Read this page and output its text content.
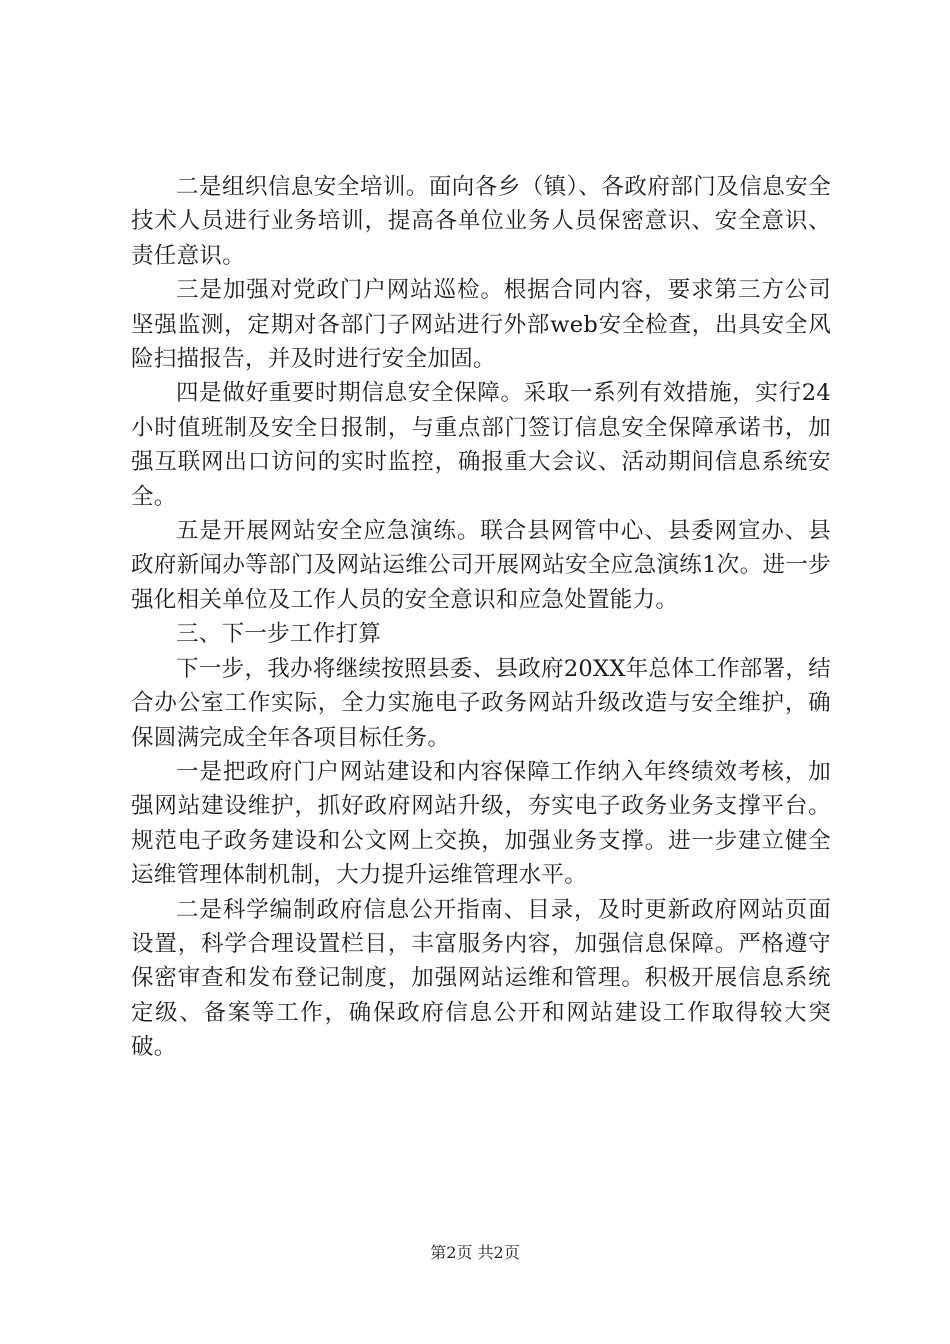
二是组织信息安全培训。面向各乡（镇）、各政府部门及信息安全技术人员进行业务培训，提高各单位业务人员保密意识、安全意识、责任意识。

三是加强对党政门户网站巡检。根据合同内容，要求第三方公司坚强监测，定期对各部门子网站进行外部web安全检查，出具安全风险扫描报告，并及时进行安全加固。

四是做好重要时期信息安全保障。采取一系列有效措施，实行24小时值班制及安全日报制，与重点部门签订信息安全保障承诺书，加强互联网出口访问的实时监控，确报重大会议、活动期间信息系统安全。

五是开展网站安全应急演练。联合县网管中心、县委网宣办、县政府新闻办等部门及网站运维公司开展网站安全应急演练1次。进一步强化相关单位及工作人员的安全意识和应急处置能力。

三、下一步工作打算

下一步，我办将继续按照县委、县政府20XX年总体工作部署，结合办公室工作实际，全力实施电子政务网站升级改造与安全维护，确保圆满完成全年各项目标任务。

一是把政府门户网站建设和内容保障工作纳入年终绩效考核，加强网站建设维护，抓好政府网站升级，夯实电子政务业务支撑平台。规范电子政务建设和公文网上交换，加强业务支撑。进一步建立健全运维管理体制机制，大力提升运维管理水平。

二是科学编制政府信息公开指南、目录，及时更新政府网站页面设置，科学合理设置栏目，丰富服务内容，加强信息保障。严格遵守保密审查和发布登记制度，加强网站运维和管理。积极开展信息系统定级、备案等工作，确保政府信息公开和网站建设工作取得较大突破。

第2页 共2页
